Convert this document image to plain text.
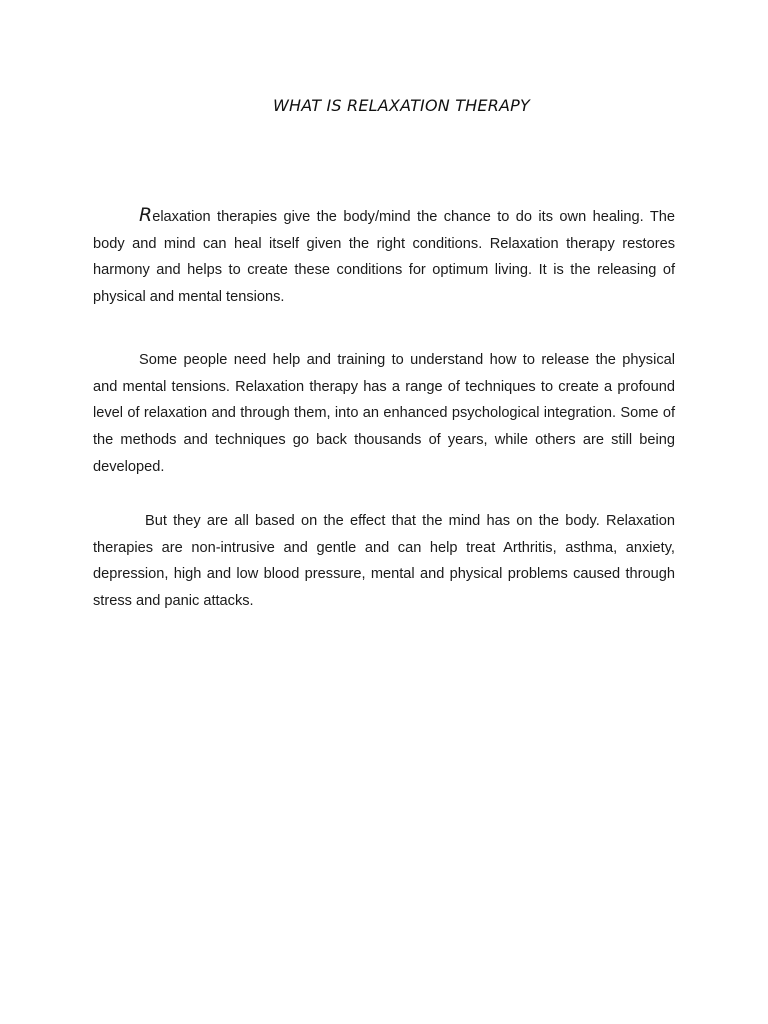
WHAT IS RELAXATION THERAPY

Relaxation therapies give the body/mind the chance to do its own healing. The body and mind can heal itself given the right conditions. Relaxation therapy restores harmony and helps to create these conditions for optimum living. It is the releasing of physical and mental tensions.

Some people need help and training to understand how to release the physical and mental tensions. Relaxation therapy has a range of techniques to create a profound level of relaxation and through them, into an enhanced psychological integration. Some of the methods and techniques go back thousands of years, while others are still being developed.

But they are all based on the effect that the mind has on the body. Relaxation therapies are non-intrusive and gentle and can help treat Arthritis, asthma, anxiety, depression, high and low blood pressure, mental and physical problems caused through stress and panic attacks.
